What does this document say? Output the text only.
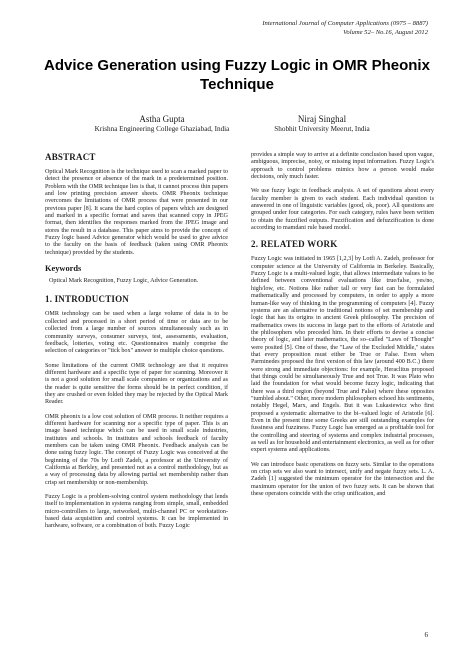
International Journal of Computer Applications (0975 – 8887)
Volume 52– No.16, August 2012
Advice Generation using Fuzzy Logic in OMR Pheonix Technique
Astha Gupta
Krishna Engineering College Ghaziabad, India
Niraj Singhal
Shobhit University Meerut, India
ABSTRACT

Optical Mark Recognition is the technique used to scan a marked paper to detect the presence or absence of the mark in a predetermined position. Problem with the OMR technique lies is that, it cannot process thin papers and low printing precision answer sheets. OMR Pheonix technique overcomes the limitations of OMR process that were presented in our previous paper [8]. It scans the hard copies of papers which are designed and marked in a specific format and saves that scanned copy in JPEG format, then identifies the responses marked from the JPEG image and stores the result in a database. This paper aims to provide the concept of Fuzzy logic based Advice generator which would be used to give advice to the faculty on the basis of feedback (taken using OMR Pheonix technique) provided by the students.

Keywords

Optical Mark Recognition, Fuzzy Logic, Advice Generation.

1. INTRODUCTION

OMR technology can be used when a large volume of data is to be collected and processed in a short period of time or data are to be collected from a large number of sources simultaneously such as in community surveys, consumer surveys, test, assessments, evaluation, feedback, lotteries, voting etc. Questionnaires mainly comprise the selection of categories or "tick box" answer to multiple choice questions.

Some limitations of the current OMR technology are that it requires different hardware and a specific type of paper for scanning. Moreover it is not a good solution for small scale companies or organizations and as the reader is quite sensitive the forms should be in perfect condition, if they are crushed or even folded they may be rejected by the Optical Mark Reader.

OMR pheonix is a low cost solution of OMR process. It neither requires a different hardware for scanning nor a specific type of paper. This is an image based technique which can be used in small scale industries, institutes and schools. In institutes and schools feedback of faculty members can be taken using OMR Pheonix. Feedback analysis can be done using fuzzy logic. The concept of Fuzzy Logic was conceived at the beginning of the 70s by Lotfi Zadeh, a professor at the University of California at Berkley, and presented not as a control methodology, but as a way of processing data by allowing partial set membership rather than crisp set membership or non-membership.

Fuzzy Logic is a problem-solving control system methodology that lends itself to implementation in systems ranging from simple, small, embedded micro-controllers to large, networked, multi-channel PC or workstation-based data acquisition and control systems. It can be implemented in hardware, software, or a combination of both. Fuzzy Logic

provides a simple way to arrive at a definite conclusion based upon vague, ambiguous, imprecise, noisy, or missing input information. Fuzzy Logic's approach to control problems mimics how a person would make decisions, only much faster.

We use fuzzy logic in feedback analysis. A set of questions about every faculty member is given to each student. Each individual question is answered in one of linguistic variables (good, ok, poor). All questions are grouped under four categories. For each category, rules have been written to obtain the fuzzified outputs. Fuzzification and defuzzification is done according to mamdani rule based model.

2. RELATED WORK

Fuzzy Logic was initiated in 1965 [1,2,3] by Lotfi A. Zadeh, professor for computer science at the University of California in Berkeley. Basically, Fuzzy Logic is a multi-valued logic, that allows intermediate values to be defined between conventional evaluations like true/false, yes/no, high/low, etc. Notions like rather tall or very fast can be formulated mathematically and processed by computers, in order to apply a more human-like way of thinking in the programming of computers [4]. Fuzzy systems are an alternative to traditional notions of set membership and logic that has its origins in ancient Greek philosophy. The precision of mathematics owes its success in large part to the efforts of Aristotle and the philosophers who preceded him. In their efforts to devise a concise theory of logic, and later mathematics, the so–called "Laws of Thought" were posited [5]. One of these, the "Law of the Excluded Middle," states that every proposition must either be True or False. Even when Parminedes proposed the first version of this law (around 400 B.C.) there were strong and immediate objections: for example, Heraclitus proposed that things could be simultaneously True and not True. It was Plato who laid the foundation for what would become fuzzy logic, indicating that there was a third region (beyond True and False) where these opposites "tumbled about." Other, more modern philosophers echoed his sentiments, notably Hegel, Marx, and Engels. But it was Lukasiewicz who first proposed a systematic alternative to the bi–valued logic of Aristotle [6]. Even in the present time some Greeks are still outstanding examples for fussiness and fuzziness. Fuzzy Logic has emerged as a profitable tool for the controlling and steering of systems and complex industrial processes, as well as for household and entertainment electronics, as well as for other expert systems and applications.

We can introduce basic operations on fuzzy sets. Similar to the operations on crisp sets we also want to intersect, unify and negate fuzzy sets. L. A. Zadeh [1] suggested the minimum operator for the intersection and the maximum operator for the union of two fuzzy sets. It can be shown that these operators coincide with the crisp unification, and

6
